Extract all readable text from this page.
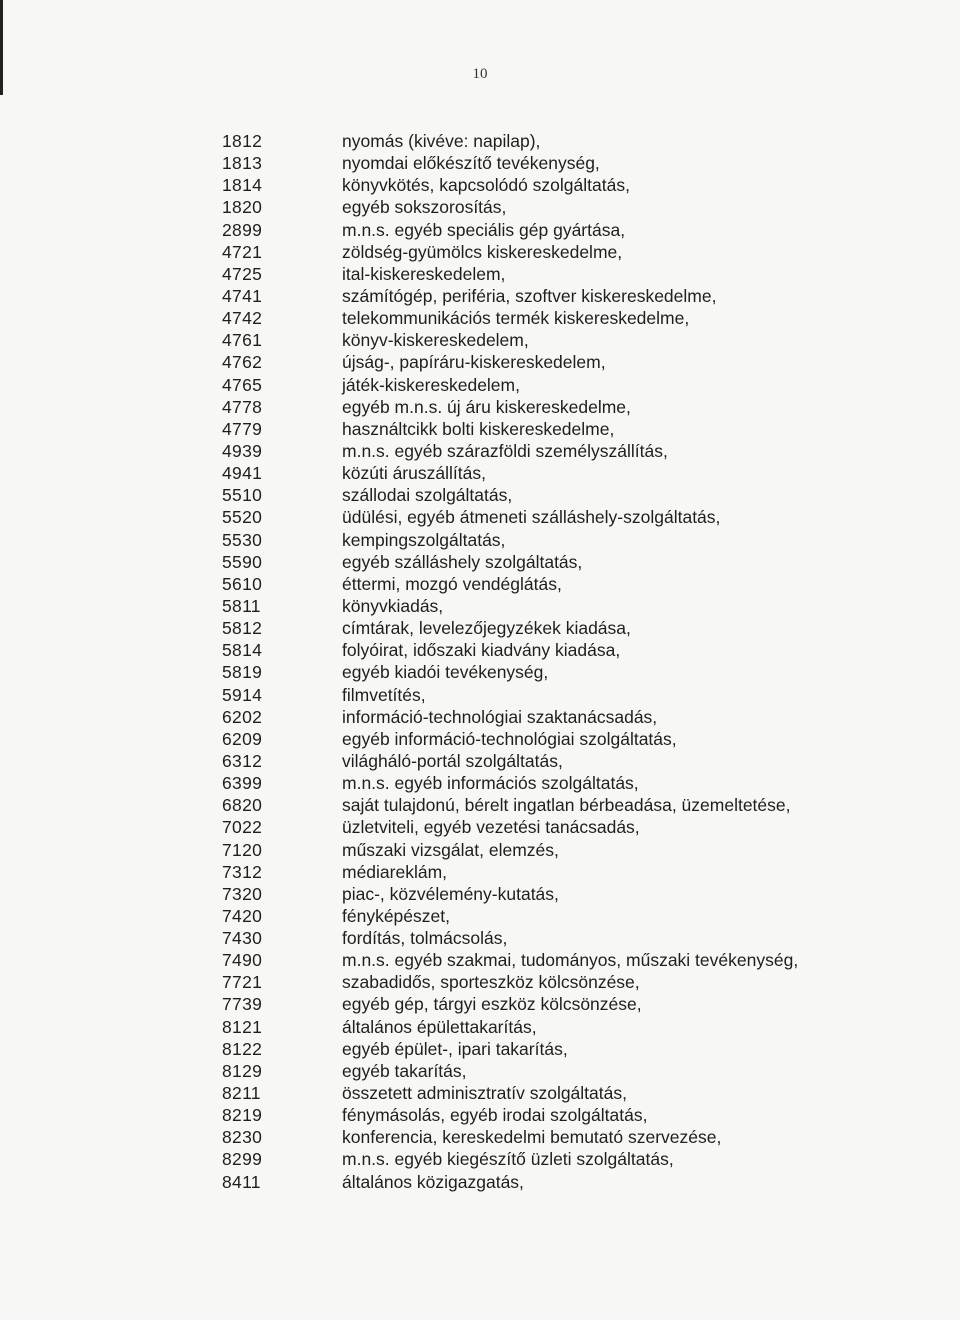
10
1812	nyomás (kivéve: napilap),
1813	nyomdai előkészítő tevékenység,
1814	könyvkötés, kapcsolódó szolgáltatás,
1820	egyéb sokszorosítás,
2899	m.n.s. egyéb speciális gép gyártása,
4721	zöldség-gyümölcs kiskereskedelme,
4725	ital-kiskereskedelem,
4741	számítógép, periféria, szoftver kiskereskedelme,
4742	telekommunikációs termék kiskereskedelme,
4761	könyv-kiskereskedelem,
4762	újság-, papíráru-kiskereskedelem,
4765	játék-kiskereskedelem,
4778	egyéb m.n.s. új áru kiskereskedelme,
4779	használtcikk bolti kiskereskedelme,
4939	m.n.s. egyéb szárazföldi személyszállítás,
4941	közúti áruszállítás,
5510	szállodai szolgáltatás,
5520	üdülési, egyéb átmeneti szálláshely-szolgáltatás,
5530	kempingszolgáltatás,
5590	egyéb szálláshely szolgáltatás,
5610	éttermi, mozgó vendéglátás,
5811	könyvkiadás,
5812	címtárak, levelezőjegyzékek kiadása,
5814	folyóirat, időszaki kiadvány kiadása,
5819	egyéb kiadói tevékenység,
5914	filmvetítés,
6202	információ-technológiai szaktanácsadás,
6209	egyéb információ-technológiai szolgáltatás,
6312	világháló-portál szolgáltatás,
6399	m.n.s. egyéb információs szolgáltatás,
6820	saját tulajdonú, bérelt ingatlan bérbeadása, üzemeltetése,
7022	üzletviteli, egyéb vezetési tanácsadás,
7120	műszaki vizsgálat, elemzés,
7312	médiareklám,
7320	piac-, közvélemény-kutatás,
7420	fényképészet,
7430	fordítás, tolmácsolás,
7490	m.n.s. egyéb szakmai, tudományos, műszaki tevékenység,
7721	szabadidős, sporteszköz kölcsönzése,
7739	egyéb gép, tárgyi eszköz kölcsönzése,
8121	általános épülettakarítás,
8122	egyéb épület-, ipari takarítás,
8129	egyéb takarítás,
8211	összetett adminisztratív szolgáltatás,
8219	fénymásolás, egyéb irodai szolgáltatás,
8230	konferencia, kereskedelmi bemutató szervezése,
8299	m.n.s. egyéb kiegészítő üzleti szolgáltatás,
8411	általános közigazgatás,
